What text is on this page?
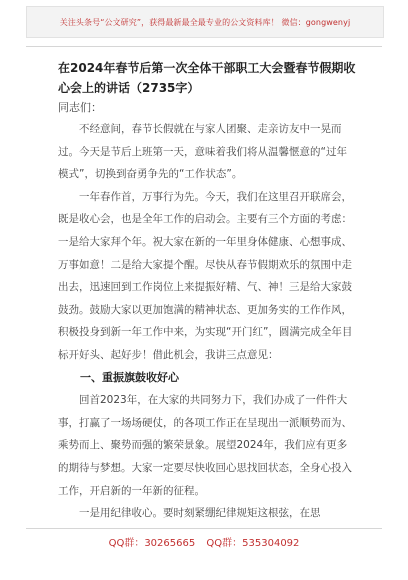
关注头条号“公文研究”，获得最新最全最专业的公文资料库！ 微信：gongwenyj
在2024年春节后第一次全体干部职工大会暨春节假期收心会上的讲话（2735字）
同志们：

不经意间，春节长假就在与家人团聚、走亲访友中一晃而过。今天是节后上班第一天，意味着我们将从温馨惬意的“过年模式”，切换到奋勇争先的“工作状态”。

一年春作首，万事行为先。今天，我们在这里召开联席会，既是收心会，也是全年工作的启动会。主要有三个方面的考虑：一是给大家拜个年。祝大家在新的一年里身体健康、心想事成、万事如意！二是给大家提个醒。尽快从春节假期欢乐的氛围中走出去，迅速回到工作岗位上来提振好精、气、神！三是给大家鼓鼓劲。鼓励大家以更加饱满的精神状态、更加务实的工作作风，积极投身到新一年工作中来，为实现“开门红”，圆满完成全年目标开好头、起好步！借此机会，我讲三点意见：

一、重振旗鼓收好心

回首2023年，在大家的共同努力下，我们办成了一件件大事，打赢了一场场硬仗，的各项工作正在呈现出一派顺势而为、乘势而上、聚势而强的繁荣景象。展望2024年，我们应有更多的期待与梦想。大家一定要尽快收回心思找回状态，全身心投入工作，开启新的一年新的征程。

一是用纪律收心。要时刻紧绷纪律规矩这根弦，在思

QQ群：30265665 QQ群：535304092
